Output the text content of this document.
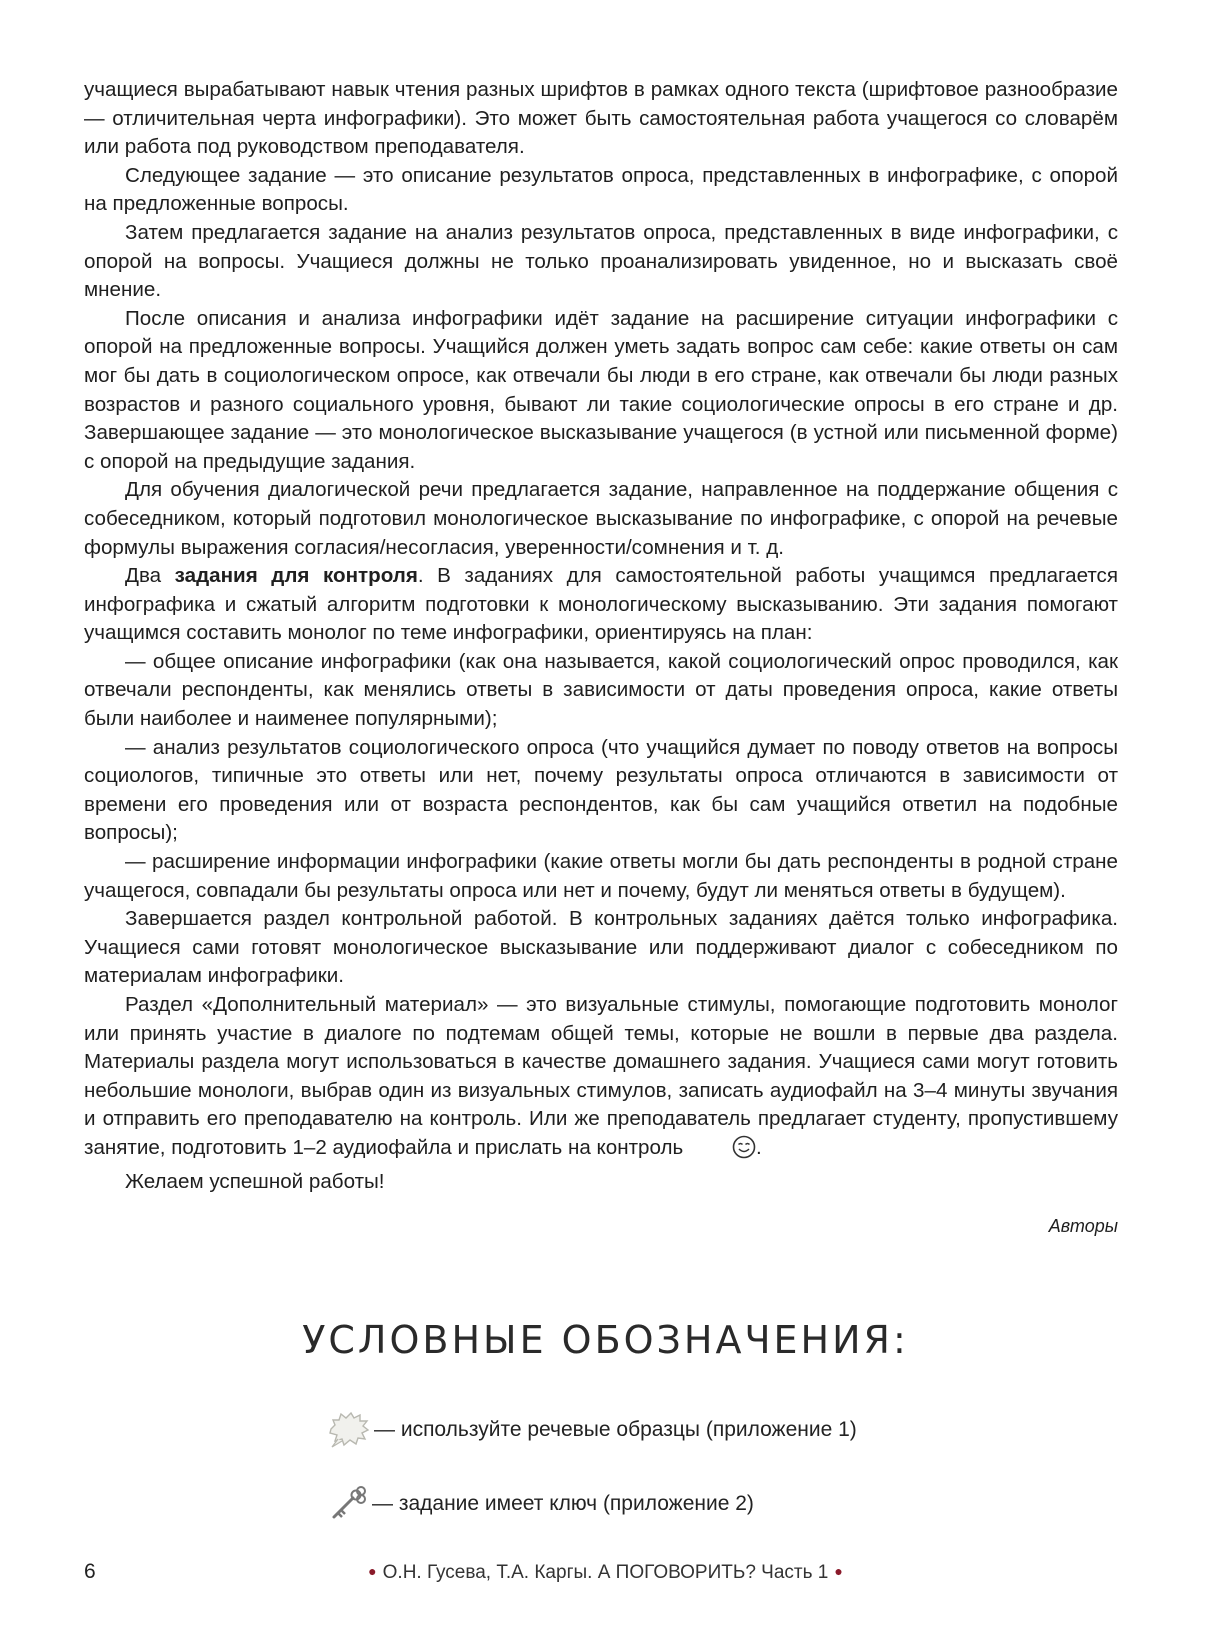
учащиеся вырабатывают навык чтения разных шрифтов в рамках одного текста (шрифтовое разнообразие — отличительная черта инфографики). Это может быть самостоятельная работа учащегося со словарём или работа под руководством преподавателя.

Следующее задание — это описание результатов опроса, представленных в инфографике, с опорой на предложенные вопросы.

Затем предлагается задание на анализ результатов опроса, представленных в виде инфографики, с опорой на вопросы. Учащиеся должны не только проанализировать увиденное, но и высказать своё мнение.

После описания и анализа инфографики идёт задание на расширение ситуации инфографики с опорой на предложенные вопросы. Учащийся должен уметь задать вопрос сам себе: какие ответы он сам мог бы дать в социологическом опросе, как отвечали бы люди в его стране, как отвечали бы люди разных возрастов и разного социального уровня, бывают ли такие социологические опросы в его стране и др. Завершающее задание — это монологическое высказывание учащегося (в устной или письменной форме) с опорой на предыдущие задания.

Для обучения диалогической речи предлагается задание, направленное на поддержание общения с собеседником, который подготовил монологическое высказывание по инфографике, с опорой на речевые формулы выражения согласия/несогласия, уверенности/сомнения и т. д.

Два задания для контроля. В заданиях для самостоятельной работы учащимся предлагается инфографика и сжатый алгоритм подготовки к монологическому высказыванию. Эти задания помогают учащимся составить монолог по теме инфографики, ориентируясь на план:

— общее описание инфографики (как она называется, какой социологический опрос проводился, как отвечали респонденты, как менялись ответы в зависимости от даты проведения опроса, какие ответы были наиболее и наименее популярными);

— анализ результатов социологического опроса (что учащийся думает по поводу ответов на вопросы социологов, типичные это ответы или нет, почему результаты опроса отличаются в зависимости от времени его проведения или от возраста респондентов, как бы сам учащийся ответил на подобные вопросы);

— расширение информации инфографики (какие ответы могли бы дать респонденты в родной стране учащегося, совпадали бы результаты опроса или нет и почему, будут ли меняться ответы в будущем).

Завершается раздел контрольной работой. В контрольных заданиях даётся только инфографика. Учащиеся сами готовят монологическое высказывание или поддерживают диалог с собеседником по материалам инфографики.

Раздел «Дополнительный материал» — это визуальные стимулы, помогающие подготовить монолог или принять участие в диалоге по подтемам общей темы, которые не вошли в первые два раздела. Материалы раздела могут использоваться в качестве домашнего задания. Учащиеся сами могут готовить небольшие монологи, выбрав один из визуальных стимулов, записать аудиофайл на 3–4 минуты звучания и отправить его преподавателю на контроль. Или же преподаватель предлагает студенту, пропустившему занятие, подготовить 1–2 аудиофайла и прислать на контроль	.

Желаем успешной работы!

Авторы

УСЛОВНЫЕ ОБОЗНАЧЕНИЯ:
— используйте речевые образцы (приложение 1)
— задание имеет ключ (приложение 2)
6	● О.Н. Гусева, Т.А. Каргы. А ПОГОВОРИТЬ? Часть 1 ●
